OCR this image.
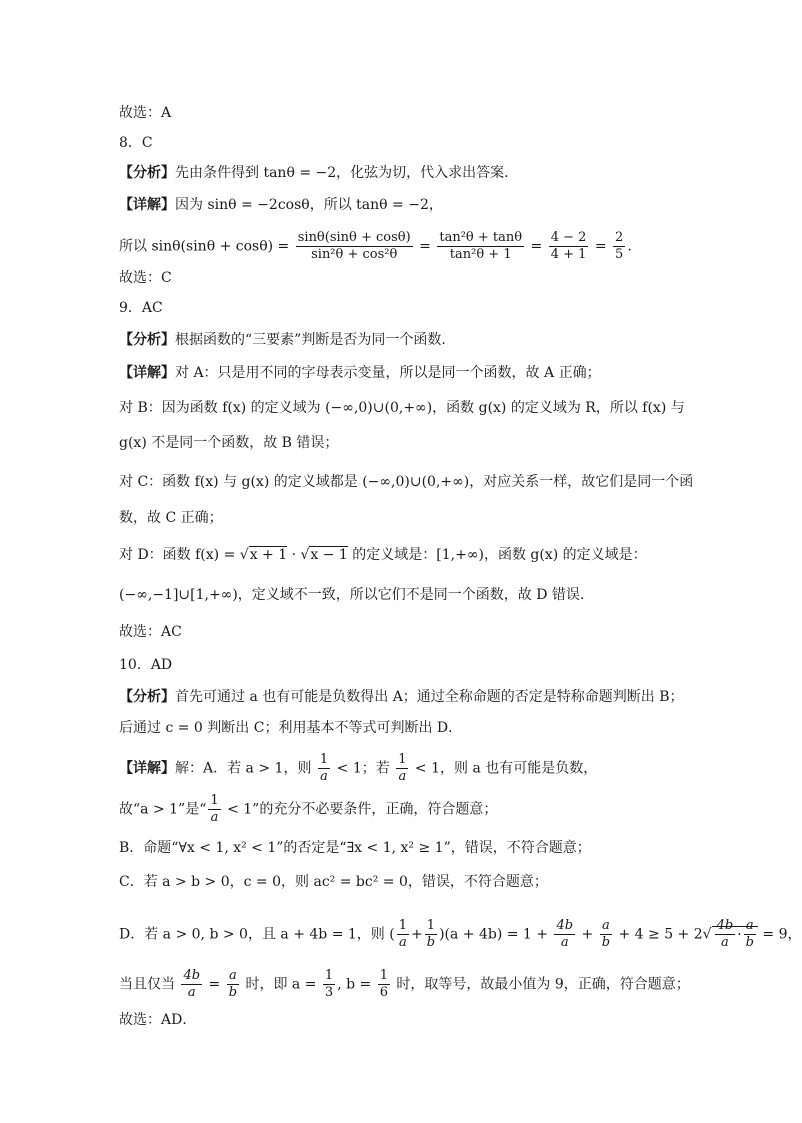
故选：A
8．C
【分析】先由条件得到 tanθ = −2，化弦为切，代入求出答案.
【详解】因为 sinθ = −2cosθ，所以 tanθ = −2，
所以 $\sin\theta(\sin\theta + \cos\theta) = \frac{\sin\theta(\sin\theta + \cos\theta)}{\text{sin²θ + cos²θ}} = \frac{\text{tan²θ + tanθ}}{\text{tan²θ + 1}} = \frac{4 - 2}{4 + 1} = \frac{2}{5}$ .
故选：C
9．AC
【分析】根据函数的“三要素”判断是否为同一个函数.
【详解】对 A：只是用不同的字母表示变量，所以是同一个函数，故 A 正确；
对 B：因为函数 f(x) 的定义域为 (−∞,0)∪(0,+∞)，函数 g(x) 的定义域为 R，所以 f(x) 与
g(x) 不是同一个函数，故 B 错误；
对 C：函数 f(x) 与 g(x) 的定义域都是 (−∞,0)∪(0,+∞)，对应关系一样，故它们是同一个函
数，故 C 正确；
对 D：函数 f(x) = √x + 1 · √x − 1 的定义域是：[1,+∞)，函数 g(x) 的定义域是：
(−∞,−1]∪[1,+∞)，定义域不一致，所以它们不是同一个函数，故 D 错误.
故选：AC
10．AD
【分析】首先可通过 a 也有可能是负数得出 A；通过全称命题的否定是特称命题判断出 B；
后通过 c = 0 判断出 C；利用基本不等式可判断出 D．
【详解】解：A．若 a > 1，则 $\frac{1}{a} < 1$；若 $\frac{1}{a} < 1$，则 a 也有可能是负数，
故“a > 1”是“ $\frac{1}{a} < 1$”的充分不必要条件，正确，符合题意；
B．命题“∀x < 1, x² < 1”的否定是“∃x < 1, x² ≥ 1”，错误，不符合题意；
C．若 a > b > 0，c = 0，则 ac² = bc² = 0，错误，不符合题意；
D．若 a > 0, b > 0，且 a + 4b = 1，则 ( $\frac{1}{a} + \frac{1}{b} )(a + 4b) = 1 + \frac{4b}{a} + \frac{a}{b} + 4 \ge 5 + 2√ \frac{4b}{a} \cdot \frac{a}{b} = 9$，
当且仅当 $\frac{4b}{a} = \frac{a}{b}$ 时，即 $a = \frac{1}{3}$ , $b = \frac{1}{6}$ 时，取等号，故最小值为 9，正确，符合题意；
故选：AD．
